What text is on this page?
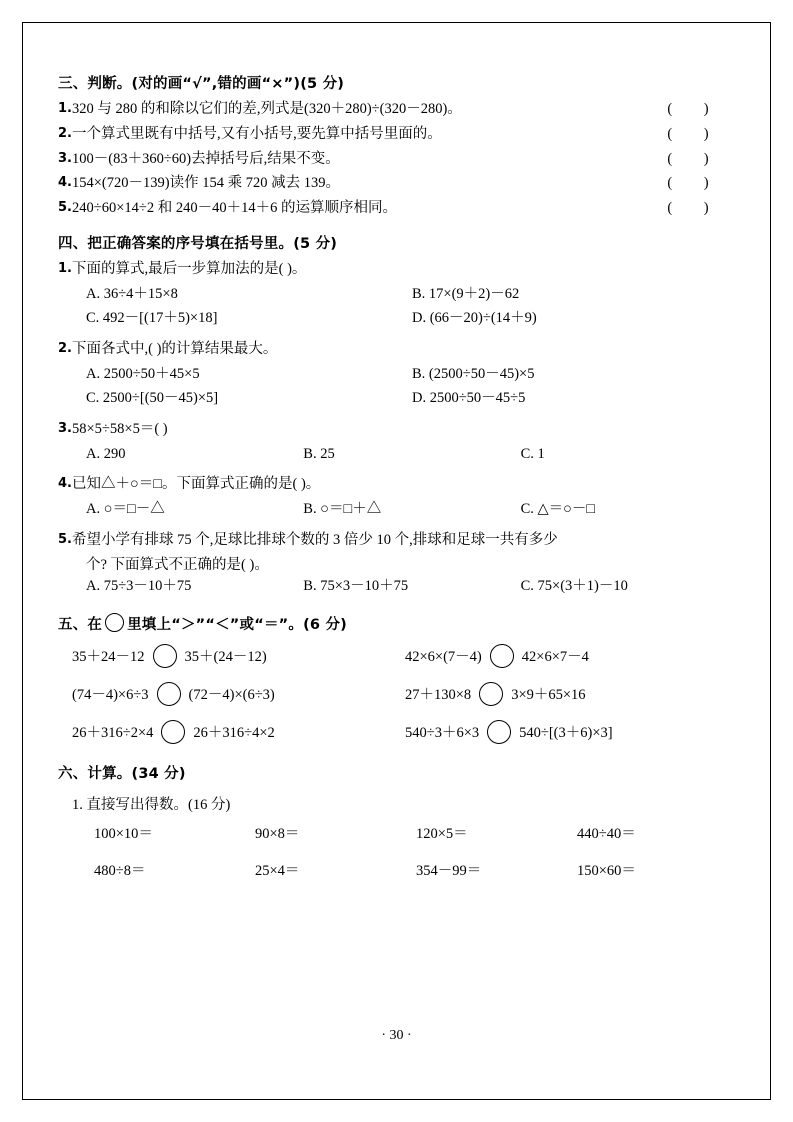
三、判断。(对的画“√”,错的画“×”)(5 分)
1. 320 与 280 的和除以它们的差,列式是(320＋280)÷(320－280)。	( )
2. 一个算式里既有中括号,又有小括号,要先算中括号里面的。	( )
3. 100－(83＋360÷60)去掉括号后,结果不变。	( )
4. 154×(720－139)读作 154 乘 720 减去 139。	( )
5. 240÷60×14÷2 和 240－40＋14＋6 的运算顺序相同。	( )
四、把正确答案的序号填在括号里。(5 分)
1. 下面的算式,最后一步算加法的是( )。
A. 36÷4＋15×8	B. 17×(9＋2)－62
C. 492－[(17＋5)×18]	D. (66－20)÷(14＋9)
2. 下面各式中,( )的计算结果最大。
A. 2500÷50＋45×5	B. (2500÷50－45)×5
C. 2500÷[(50－45)×5]	D. 2500÷50－45÷5
3. 58×5÷58×5＝( )
A. 290	B. 25	C. 1
4. 已知△＋○＝□。下面算式正确的是( )。
A. ○＝□－△	B. ○＝□＋△	C. △＝○－□
5. 希望小学有排球 75 个,足球比排球个数的 3 倍少 10 个,排球和足球一共有多少
个? 下面算式不正确的是( )。
A. 75÷3－10＋75	B. 75×3－10＋75	C. 75×(3＋1)－10
五、在 里填上“＞”“＜”或“＝”。(6 分)
35＋24－12	35＋(24－12)	42×6×(7－4)	42×6×7－4
(74－4)×6÷3	(72－4)×(6÷3)	27＋130×8	3×9＋65×16
26＋316÷2×4	26＋316÷4×2	540÷3＋6×3	540÷[(3＋6)×3]
六、计算。(34 分)
1. 直接写出得数。(16 分)
100×10＝	90×8＝	120×5＝	440÷40＝
480÷8＝	25×4＝	354－99＝	150×60＝
· 30 ·
